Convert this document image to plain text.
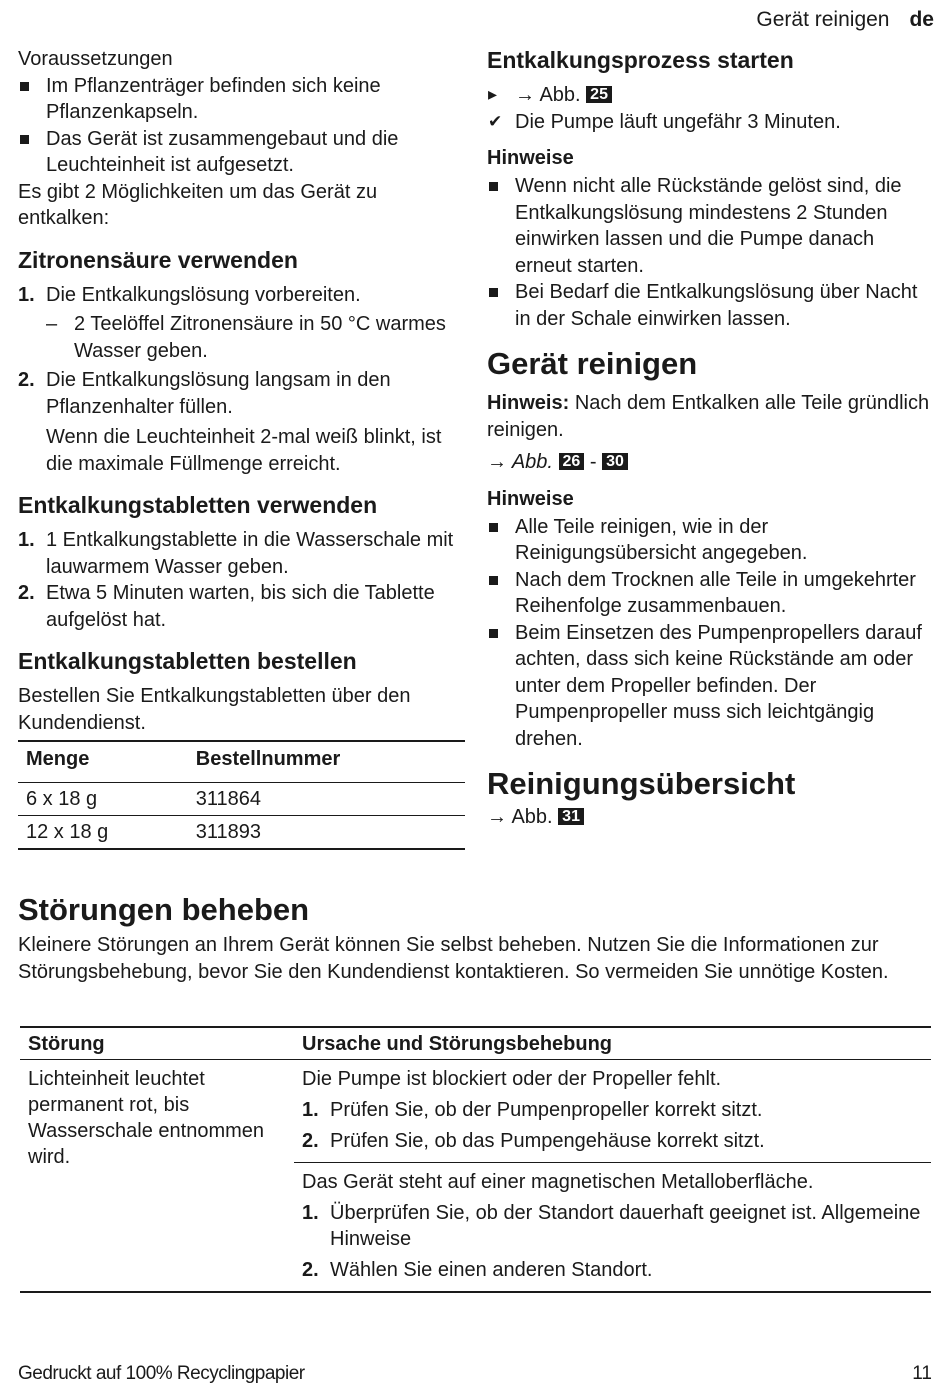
Gerät reinigen de

Voraussetzungen

Im Pflanzenträger befinden sich keine Pflanzenkapseln.
Das Gerät ist zusammengebaut und die Leuchteinheit ist aufgesetzt.

Es gibt 2 Möglichkeiten um das Gerät zu entkalken:

Zitronensäure verwenden
1. Die Entkalkungslösung vorbereiten.
– 2 Teelöffel Zitronensäure in 50 °C warmes Wasser geben.
2. Die Entkalkungslösung langsam in den Pflanzenhalter füllen.
Wenn die Leuchteinheit 2-mal weiß blinkt, ist die maximale Füllmenge erreicht.
Entkalkungstabletten verwenden
1. 1 Entkalkungstablette in die Wasserschale mit lauwarmem Wasser geben.
2. Etwa 5 Minuten warten, bis sich die Tablette aufgelöst hat.
Entkalkungstabletten bestellen

Bestellen Sie Entkalkungstabletten über den Kundendienst.

Menge	Bestellnummer
6 x 18 g	311864
12 x 18 g	311893
Entkalkungsprozess starten
▸ → Abb. 25
✔ Die Pumpe läuft ungefähr 3 Minuten.
Hinweise
Wenn nicht alle Rückstände gelöst sind, die Entkalkungslösung mindestens 2 Stunden einwirken lassen und die Pumpe danach erneut starten.
Bei Bedarf die Entkalkungslösung über Nacht in der Schale einwirken lassen.
Gerät reinigen

Hinweis: Nach dem Entkalken alle Teile gründlich reinigen.

→ Abb. 26 - 30

Hinweise
Alle Teile reinigen, wie in der Reinigungsübersicht angegeben.
Nach dem Trocknen alle Teile in umgekehrter Reihenfolge zusammenbauen.
Beim Einsetzen des Pumpenpropellers darauf achten, dass sich keine Rückstände am oder unter dem Propeller befinden. Der Pumpenpropeller muss sich leichtgängig drehen.
Reinigungsübersicht

→ Abb. 31

Störungen beheben

Kleinere Störungen an Ihrem Gerät können Sie selbst beheben. Nutzen Sie die Informationen zur Störungsbehebung, bevor Sie den Kundendienst kontaktieren. So vermeiden Sie unnötige Kosten.

Störung	Ursache und Störungsbehebung
Lichteinheit leuchtet permanent rot, bis Wasserschale entnommen wird.	Die Pumpe ist blockiert oder der Propeller fehlt.
1. Prüfen Sie, ob der Pumpenpropeller korrekt sitzt.
2. Prüfen Sie, ob das Pumpengehäuse korrekt sitzt.

	Das Gerät steht auf einer magnetischen Metalloberfläche.
1. Überprüfen Sie, ob der Standort dauerhaft geeignet ist. Allgemeine Hinweise
2. Wählen Sie einen anderen Standort.
Gedruckt auf 100% Recyclingpapier	11
